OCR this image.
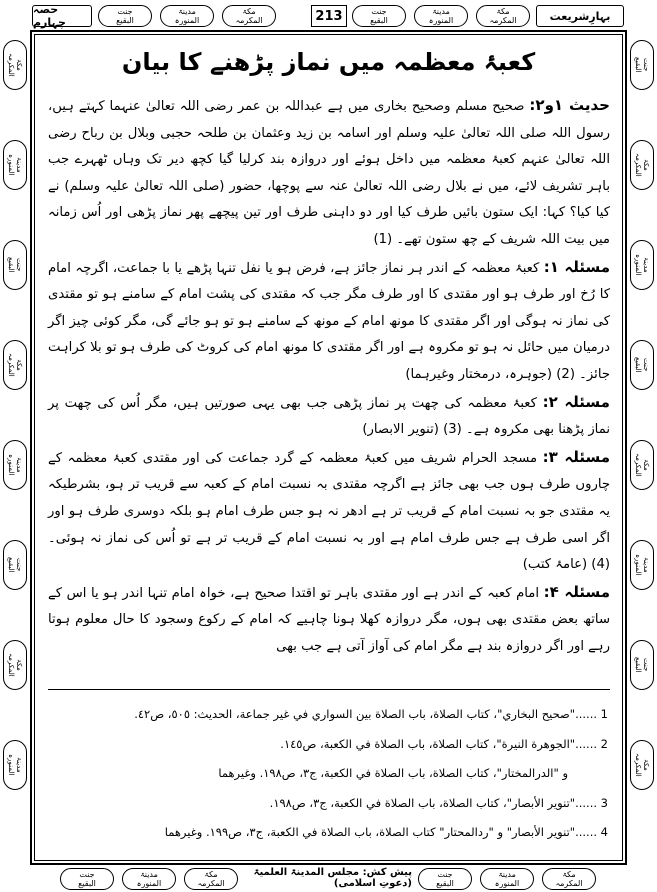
حصہ چہارم
جنت
البقیع
مدینۃ
المنورہ
مکۃ
المکرمہ	213	جنت
البقیع
مدینۃ
المنورہ
مکۃ
المکرمہ	بہارِشریعت
مکۃ
المکرمہ
مدینۃ
المنورہ
جنت
البقیع
مکۃ
المکرمہ
مدینۃ
المنورہ
جنت
البقیع
مکۃ
المکرمہ
مدینۃ
المنورہ
جنت
البقیع
مکۃ
المکرمہ
مدینۃ
المنورہ
جنت
البقیع
مکۃ
المکرمہ
مدینۃ
المنورہ
جنت
البقیع
مکۃ
المکرمہ
کعبۂ معظمہ میں نماز پڑھنے کا بیان

حدیث ۱و۲: صحیح مسلم وصحیح بخاری میں ہے عبداللہ بن عمر رضی اللہ تعالیٰ عنہما کہتے ہیں، رسول اللہ صلی اللہ تعالیٰ علیہ وسلم اور اسامہ بن زید وعثمان بن طلحہ حجبی وبلال بن رباح رضی اللہ تعالیٰ عنہم کعبۂ معظمہ میں داخل ہوئے اور دروازہ بند کرلیا گیا کچھ دیر تک وہاں ٹھہرے جب باہر تشریف لائے، میں نے بلال رضی اللہ تعالیٰ عنہ سے پوچھا، حضور (صلی اللہ تعالیٰ علیہ وسلم) نے کیا کیا؟ کہا: ایک ستون بائیں طرف کیا اور دو داہنی طرف اور تین پیچھے پھر نماز پڑھی اور اُس زمانہ میں بیت اللہ شریف کے چھ ستون تھے۔ (1)

مسئلہ ۱: کعبۂ معظمہ کے اندر ہر نماز جائز ہے، فرض ہو یا نفل تنہا پڑھے یا با جماعت، اگرچہ امام کا رُخ اور طرف ہو اور مقتدی کا اور طرف مگر جب کہ مقتدی کی پشت امام کے سامنے ہو تو مقتدی کی نماز نہ ہوگی اور اگر مقتدی کا مونھ امام کے مونھ کے سامنے ہو تو ہو جائے گی، مگر کوئی چیز اگر درمیان میں حائل نہ ہو تو مکروہ ہے اور اگر مقتدی کا مونھ امام کی کروٹ کی طرف ہو تو بلا کراہت جائز۔ (2) (جوہرہ، درمختار وغیرہما)

مسئلہ ۲: کعبۂ معظمہ کی چھت پر نماز پڑھی جب بھی یہی صورتیں ہیں، مگر اُس کی چھت پر نماز پڑھنا بھی مکروہ ہے۔ (3) (تنویر الابصار)

مسئلہ ۳: مسجد الحرام شریف میں کعبۂ معظمہ کے گرد جماعت کی اور مقتدی کعبۂ معظمہ کے چاروں طرف ہوں جب بھی جائز ہے اگرچہ مقتدی بہ نسبت امام کے کعبہ سے قریب تر ہو، بشرطیکہ یہ مقتدی جو بہ نسبت امام کے قریب تر ہے ادھر نہ ہو جس طرف امام ہو بلکہ دوسری طرف ہو اور اگر اسی طرف ہے جس طرف امام ہے اور بہ نسبت امام کے قریب تر ہے تو اُس کی نماز نہ ہوئی۔ (4) (عامۂ کتب)

مسئلہ ۴: امام کعبہ کے اندر ہے اور مقتدی باہر تو اقتدا صحیح ہے، خواہ امام تنہا اندر ہو یا اس کے ساتھ بعض مقتدی بھی ہوں، مگر دروازہ کھلا ہونا چاہیے کہ امام کے رکوع وسجود کا حال معلوم ہوتا رہے اور اگر دروازہ بند ہے مگر امام کی آواز آتی ہے جب بھی

1
......
"صحيح البخاري"، كتاب الصلاة، باب الصلاة بين السواري في غير جماعة، الحديث: ٥٠٥، ص٤٢.
2
......
"الجوهرة النيرة"، كتاب الصلاة، باب الصلاة في الكعبة، ص١٤٥.
و "الدرالمختار"، كتاب الصلاة، باب الصلاة في الكعبة، ج٣، ص١٩٨. وغيرهما
3
......
"تنوير الأبصار"، كتاب الصلاة، باب الصلاة في الكعبة، ج٣، ص١٩٨.
4
......
"تنوير الأبصار" و "ردالمحتار" كتاب الصلاة، باب الصلاة في الكعبة، ج٣، ص١٩٩. وغيرهما
جنت
البقیع
مدینۃ
المنورہ
مکۃ
المکرمہ
پیش کش: مجلس المدینۃ العلمیۃ (دعوتِ اسلامی)
جنت
البقیع
مدینۃ
المنورہ
مکۃ
المکرمہ
